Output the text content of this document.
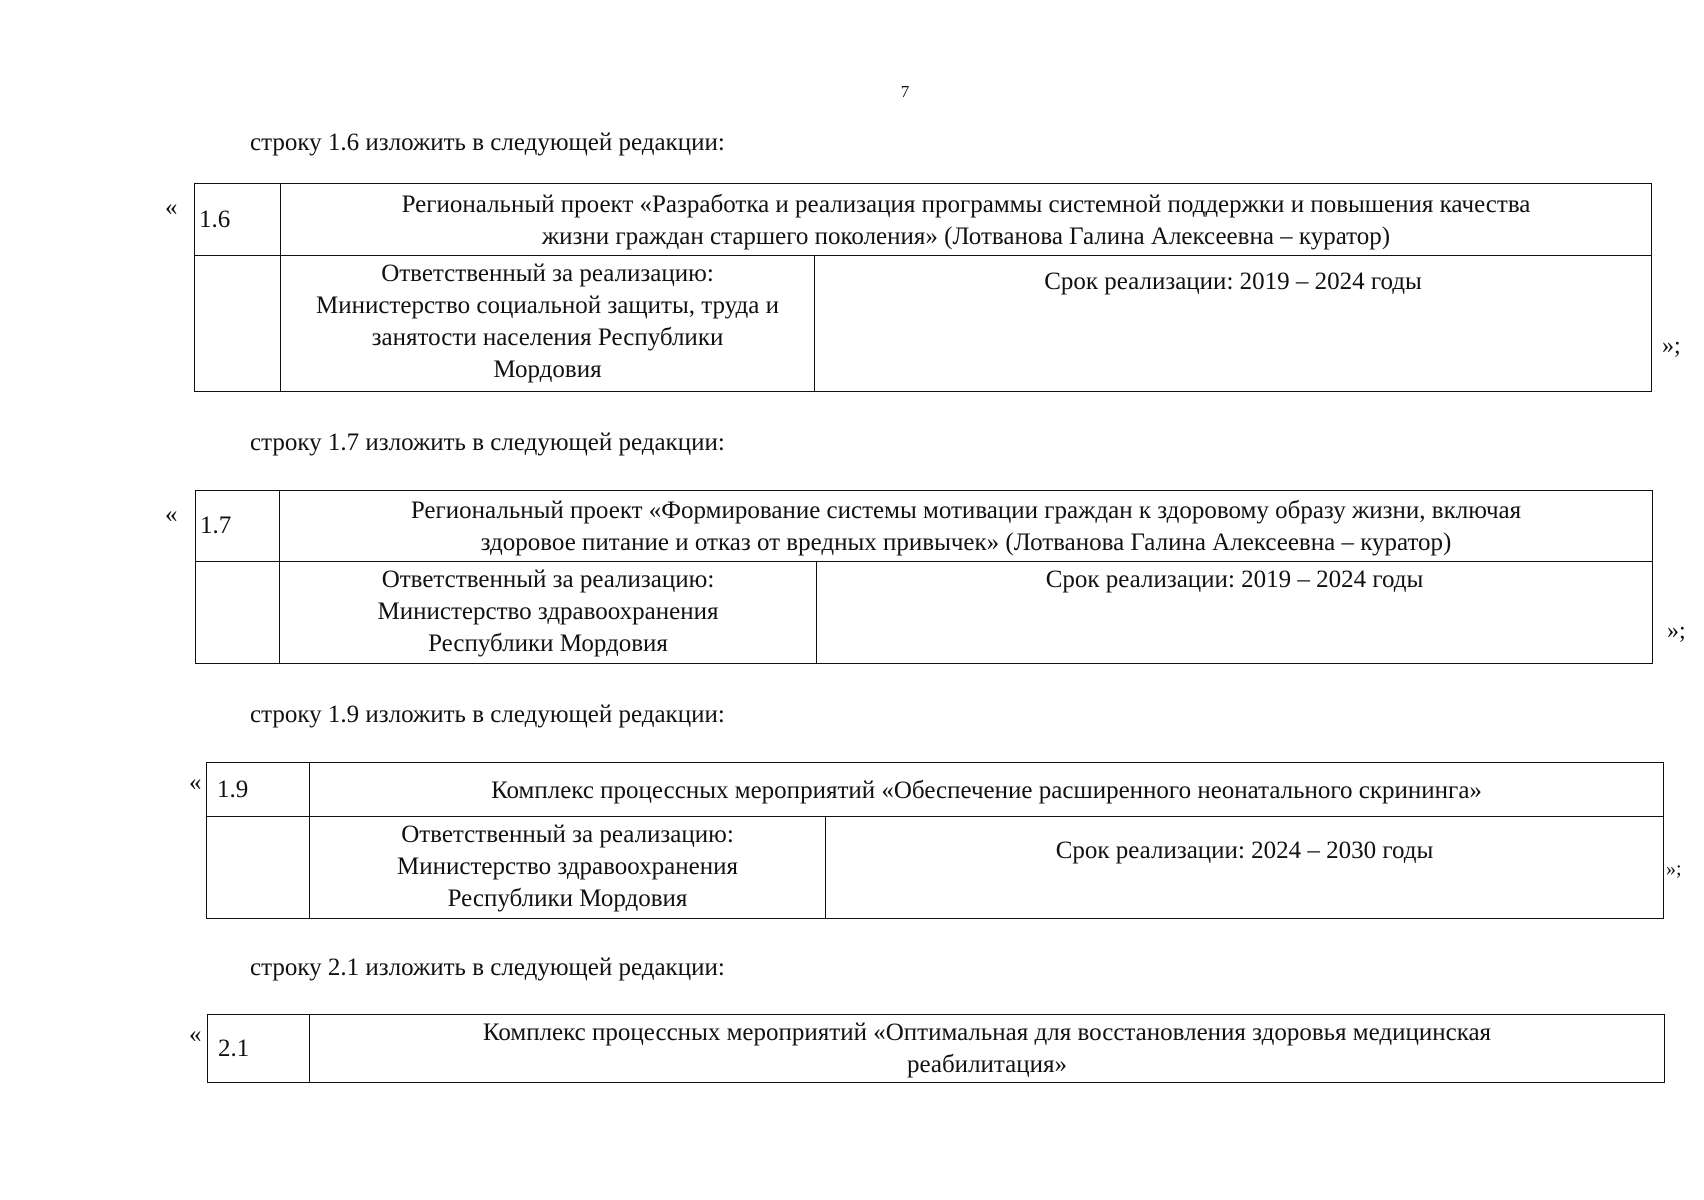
7
строку 1.6 изложить в следующей редакции:
« 1.6	Региональный проект «Разработка и реализация программы системной поддержки и повышения качества
жизни граждан старшего поколения» (Лотванова Галина Алексеевна – куратор)	

	Ответственный за реализацию:
Министерство социальной защиты, труда и
занятости населения Республики
Мордовия	Срок реализации: 2019 – 2024 годы
»;
строку 1.7 изложить в следующей редакции:
« 1.7	Региональный проект «Формирование системы мотивации граждан к здоровому образу жизни, включая
здоровое питание и отказ от вредных привычек» (Лотванова Галина Алексеевна – куратор)	

	Ответственный за реализацию:
Министерство здравоохранения
Республики Мордовия	Срок реализации: 2019 – 2024 годы
»;
строку 1.9 изложить в следующей редакции:
« 1.9	Комплекс процессных мероприятий «Обеспечение расширенного неонатального скрининга»	

	Ответственный за реализацию:
Министерство здравоохранения
Республики Мордовия	Срок реализации: 2024 – 2030 годы
»;
строку 2.1 изложить в следующей редакции:
« 2.1	
Комплекс процессных мероприятий «Оптимальная для восстановления здоровья медицинская
реабилитация»
